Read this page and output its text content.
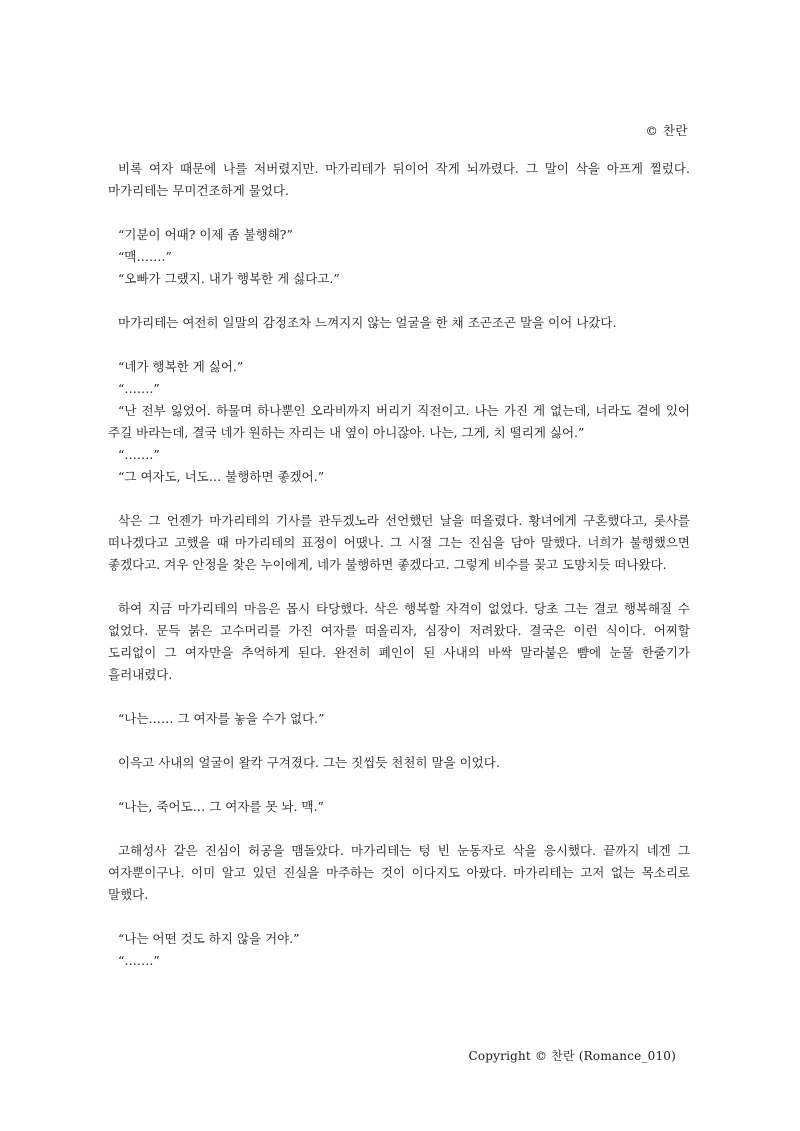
© 찬란

비록 여자 때문에 나를 저버렸지만. 마가리테가 뒤이어 작게 뇌까렸다. 그 말이 삭을 아프게 찔렀다. 마가리테는 무미건조하게 물었다.

“기분이 어때? 이제 좀 불행해?”

“맥…….”

“오빠가 그랬지. 내가 행복한 게 싫다고.”

마가리테는 여전히 일말의 감정조차 느껴지지 않는 얼굴을 한 채 조곤조곤 말을 이어 나갔다.

“네가 행복한 게 싫어.”

“…….”

“난 전부 잃었어. 하물며 하나뿐인 오라비까지 버리기 직전이고. 나는 가진 게 없는데, 너라도 곁에 있어 주길 바라는데, 결국 네가 원하는 자리는 내 옆이 아니잖아. 나는, 그게, 치 떨리게 싫어.”

“…….”

“그 여자도, 너도… 불행하면 좋겠어.”

삭은 그 언젠가 마가리테의 기사를 관두겠노라 선언했던 날을 떠올렸다. 황녀에게 구혼했다고, 롯사를 떠나겠다고 고했을 때 마가리테의 표정이 어땠나. 그 시절 그는 진심을 담아 말했다. 너희가 불행했으면 좋겠다고. 겨우 안정을 찾은 누이에게, 네가 불행하면 좋겠다고. 그렇게 비수를 꽂고 도망치듯 떠나왔다.

하여 지금 마가리테의 마음은 몹시 타당했다. 삭은 행복할 자격이 없었다. 당초 그는 결코 행복해질 수 없었다. 문득 붉은 고수머리를 가진 여자를 떠올리자, 심장이 저려왔다. 결국은 이런 식이다. 어찌할 도리없이 그 여자만을 추억하게 된다. 완전히 폐인이 된 사내의 바싹 말라붙은 뺨에 눈물 한줄기가 흘러내렸다.

“나는…… 그 여자를 놓을 수가 없다.”

이윽고 사내의 얼굴이 왈칵 구겨졌다. 그는 짓씹듯 천천히 말을 이었다.

“나는, 죽어도… 그 여자를 못 놔. 맥.”

고해성사 같은 진심이 허공을 맴돌았다. 마가리테는 텅 빈 눈동자로 삭을 응시했다. 끝까지 네겐 그 여자뿐이구나. 이미 알고 있던 진실을 마주하는 것이 이다지도 아팠다. 마가리테는 고저 없는 목소리로 말했다.

“나는 어떤 것도 하지 않을 거야.”

“…….”

Copyright © 찬란 (Romance_010)
